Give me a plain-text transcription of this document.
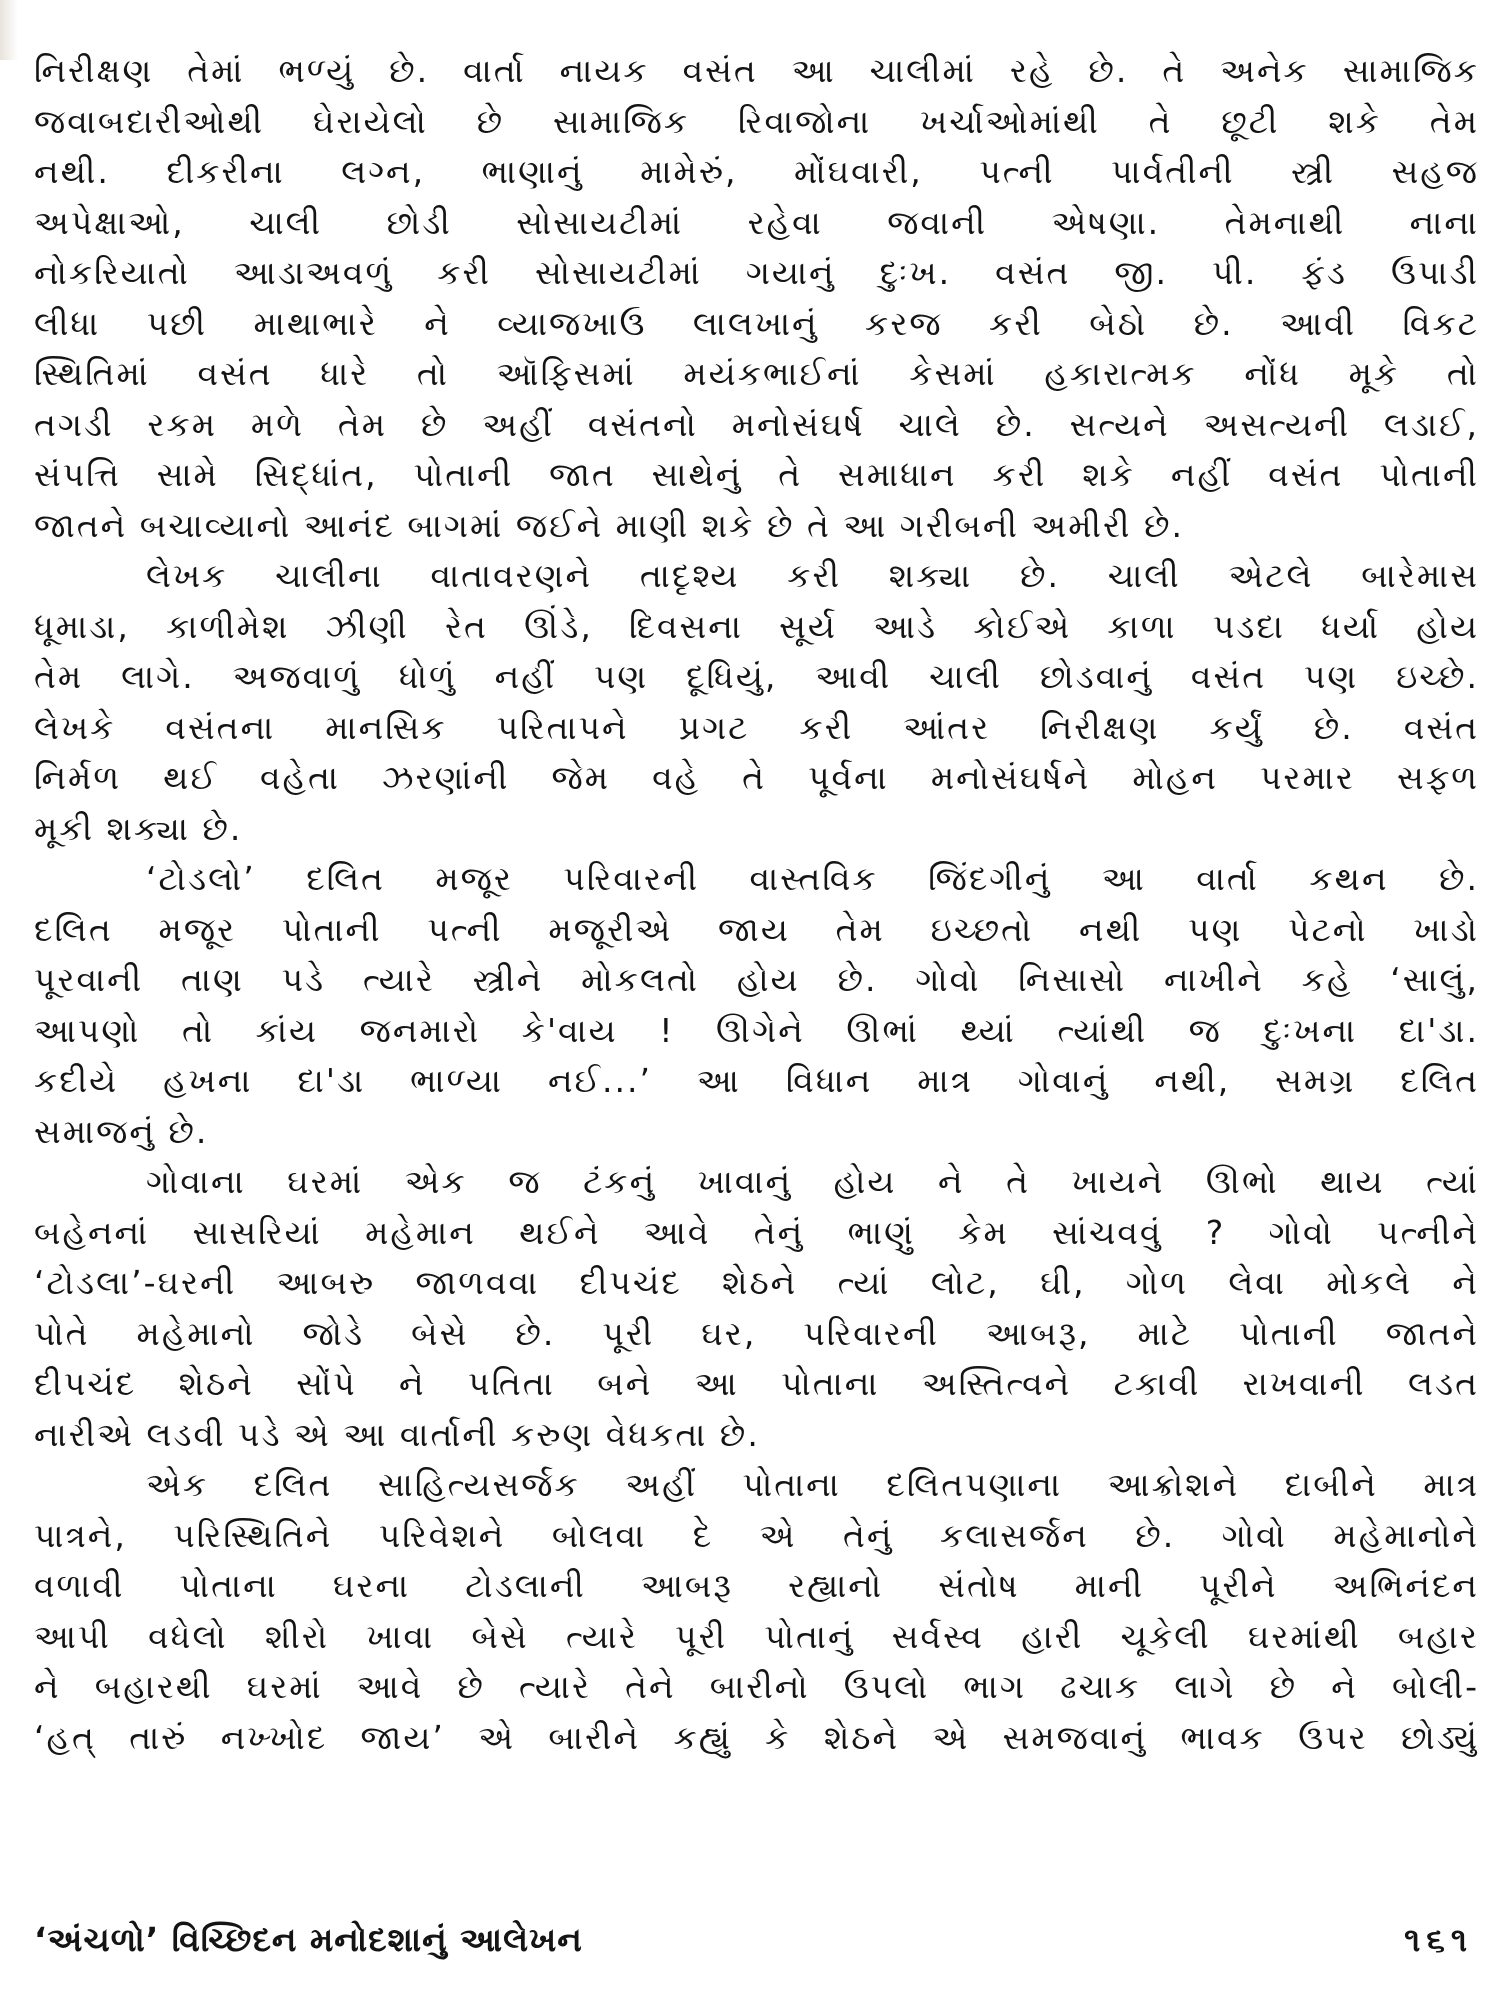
નિરીક્ષણ તેમાં ભળ્યું છે. વાર્તા નાયક વસંત આ ચાલીમાં રહે છે. તે અનેક સામાજિક

જવાબદારીઓથી ઘેરાયેલો છે સામાજિક રિવાજોના ખર્ચાઓમાંથી તે છૂટી શકે તેમ

નથી. દીકરીના લગ્ન, ભાણાનું મામેરું, મોંઘવારી, પત્ની પાર્વતીની સ્ત્રી સહજ

અપેક્ષાઓ, ચાલી છોડી સોસાયટીમાં રહેવા જવાની એષણા. તેમનાથી નાના

નોકરિયાતો આડાઅવળું કરી સોસાયટીમાં ગયાનું દુઃખ. વસંત જી. પી. ફંડ ઉપાડી

લીધા પછી માથાભારે ને વ્યાજખાઉ લાલખાનું કરજ કરી બેઠો છે. આવી વિકટ

સ્થિતિમાં વસંત ધારે તો ઑફિસમાં મયંકભાઈનાં કેસમાં હકારાત્મક નોંધ મૂકે તો

તગડી રકમ મળે તેમ છે અહીં વસંતનો મનોસંઘર્ષ ચાલે છે. સત્યને અસત્યની લડાઈ,

સંપત્તિ સામે સિદ્ધાંત, પોતાની જાત સાથેનું તે સમાધાન કરી શકે નહીં વસંત પોતાની

જાતને બચાવ્યાનો આનંદ બાગમાં જઈને માણી શકે છે તે આ ગરીબની અમીરી છે.

લેખક ચાલીના વાતાવરણને તાદૃશ્ય કરી શક્યા છે. ચાલી એટલે બારેમાસ

ધૂમાડા, કાળીમેશ ઝીણી રેત ઊંડે, દિવસના સૂર્ય આડે કોઈએ કાળા પડદા ધર્યા હોય

તેમ લાગે. અજવાળું ધોળું નહીં પણ દૂધિયું, આવી ચાલી છોડવાનું વસંત પણ ઇચ્છે.

લેખકે વસંતના માનસિક પરિતાપને પ્રગટ કરી આંતર નિરીક્ષણ કર્યું છે. વસંત

નિર્મળ થઈ વહેતા ઝરણાંની જેમ વહે તે પૂર્વના મનોસંઘર્ષને મોહન પરમાર સફળ

મૂકી શક્યા છે.

‘ટોડલો’ દલિત મજૂર પરિવારની વાસ્તવિક જિંદગીનું આ વાર્તા કથન છે.

દલિત મજૂર પોતાની પત્ની મજૂરીએ જાય તેમ ઇચ્છતો નથી પણ પેટનો ખાડો

પૂરવાની તાણ પડે ત્યારે સ્ત્રીને મોકલતો હોય છે. ગોવો નિસાસો નાખીને કહે ‘સાલું,

આપણો તો કાંય જનમારો કે'વાય ! ઊગેને ઊભાં થ્યાં ત્યાંથી જ દુઃખના દા'ડા.

કદીયે હખના દા'ડા ભાળ્યા નઈ...’ આ વિધાન માત્ર ગોવાનું નથી, સમગ્ર દલિત

સમાજનું છે.

ગોવાના ઘરમાં એક જ ટંકનું ખાવાનું હોય ને તે ખાયને ઊભો થાય ત્યાં

બહેનનાં સાસરિયાં મહેમાન થઈને આવે તેનું ભાણું કેમ સાંચવવું ? ગોવો પત્નીને

‘ટોડલા’-ઘરની આબરુ જાળવવા દીપચંદ શેઠને ત્યાં લોટ, ઘી, ગોળ લેવા મોકલે ને

પોતે મહેમાનો જોડે બેસે છે. પૂરી ઘર, પરિવારની આબરૂ, માટે પોતાની જાતને

દીપચંદ શેઠને સોંપે ને પતિતા બને આ પોતાના અસ્તિત્વને ટકાવી રાખવાની લડત

નારીએ લડવી પડે એ આ વાર્તાની કરુણ વેધકતા છે.

એક દલિત સાહિત્યસર્જક અહીં પોતાના દલિતપણાના આક્રોશને દાબીને માત્ર

પાત્રને, પરિસ્થિતિને પરિવેશને બોલવા દે એ તેનું કલાસર્જન છે. ગોવો મહેમાનોને

વળાવી પોતાના ઘરના ટોડલાની આબરૂ રહ્યાનો સંતોષ માની પૂરીને અભિનંદન

આપી વધેલો શીરો ખાવા બેસે ત્યારે પૂરી પોતાનું સર્વસ્વ હારી ચૂકેલી ઘરમાંથી બહાર

ને બહારથી ઘરમાં આવે છે ત્યારે તેને બારીનો ઉપલો ભાગ ઢચાક લાગે છે ને બોલી-

‘હત્ તારું નખ્ખોદ જાય’ એ બારીને કહ્યું કે શેઠને એ સમજવાનું ભાવક ઉપર છોડ્યું

‘અંચળો’ વિચ્છિદન મનોદશાનું આલેખન	૧૬૧
